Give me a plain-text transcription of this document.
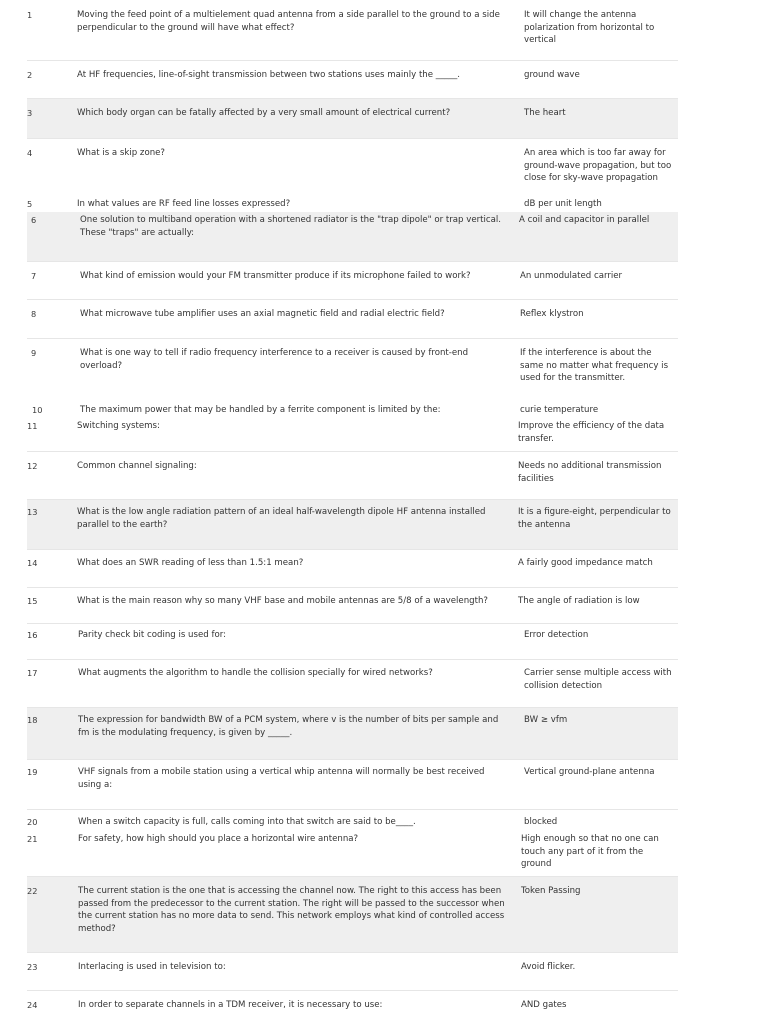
1	Moving the feed point of a multielement quad antenna from a side parallel to the ground to a side perpendicular to the ground will have what effect?
It will change the antenna polarization from horizontal to vertical
2	At HF frequencies, line-of-sight transmission between two stations uses mainly the _____.	ground wave
3	Which body organ can be fatally affected by a very small amount of electrical current?	The heart
4	What is a skip zone?	An area which is too far away for ground-wave propagation, but too close for sky-wave propagation
5	In what values are RF feed line losses expressed?	dB per unit length
6	One solution to multiband operation with a shortened radiator is the "trap dipole" or trap vertical. These "traps" are actually:
A coil and capacitor in parallel
7	What kind of emission would your FM transmitter produce if its microphone failed to work?	An unmodulated carrier
8	What microwave tube amplifier uses an axial magnetic field and radial electric field?	Reflex klystron
9	What is one way to tell if radio frequency interference to a receiver is caused by front-end overload?
If the interference is about the same no matter what frequency is used for the transmitter.
10	The maximum power that may be handled by a ferrite component is limited by the:	curie temperature
11	Switching systems:	Improve the efficiency of the data transfer.
12	Common channel signaling:	Needs no additional transmission facilities
13	What is the low angle radiation pattern of an ideal half-wavelength dipole HF antenna installed parallel to the earth?
It is a figure-eight, perpendicular to the antenna
14	What does an SWR reading of less than 1.5:1 mean?	A fairly good impedance match
15	What is the main reason why so many VHF base and mobile antennas are 5/8 of a wavelength?	The angle of radiation is low
16	Parity check bit coding is used for:	Error detection
17	What augments the algorithm to handle the collision specially for wired networks?	Carrier sense multiple access with collision detection
18	The expression for bandwidth BW of a PCM system, where v is the number of bits per sample and fm is the modulating frequency, is given by _____.
BW ≥ vfm
19	VHF signals from a mobile station using a vertical whip antenna will normally be best received using a:
Vertical ground-plane antenna
20	When a switch capacity is full, calls coming into that switch are said to be____.	blocked
21	For safety, how high should you place a horizontal wire antenna?	High enough so that no one can touch any part of it from the ground
22	The current station is the one that is accessing the channel now. The right to this access has been passed from the predecessor to the current station. The right will be passed to the successor when the current station has no more data to send. This network employs what kind of controlled access method?
Token Passing
23	Interlacing is used in television to:	Avoid flicker.
24	In order to separate channels in a TDM receiver, it is necessary to use:	AND gates
